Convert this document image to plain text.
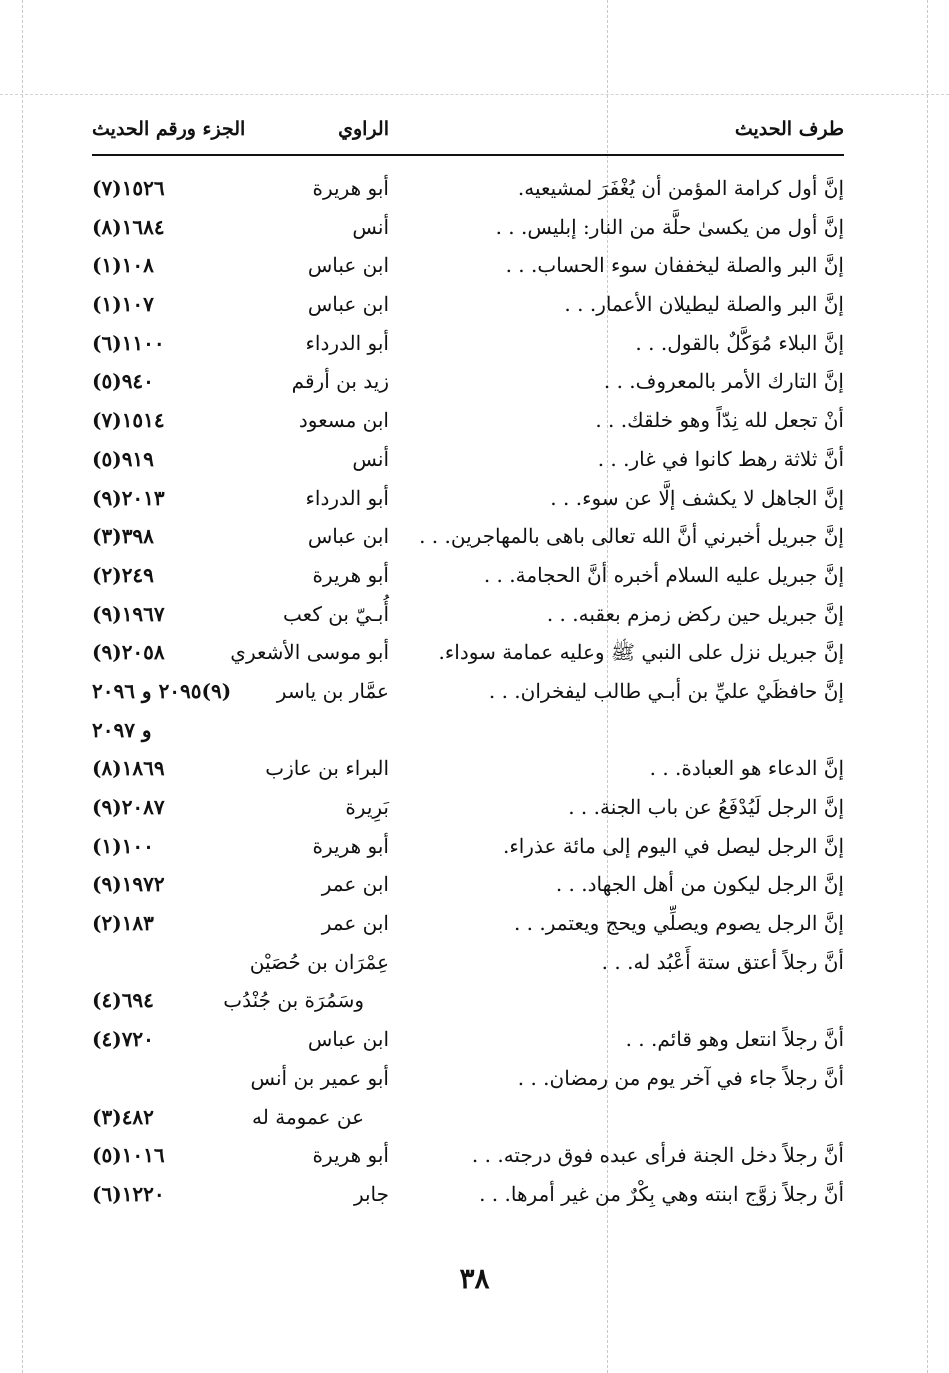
طرف الحديث
الراوي
الجزء ورقم الحديث
إنَّ أول كرامة المؤمن أن يُغْفَرَ لمشيعيه.
أبو هريرة
١٥٢٦(٧)
إنَّ أول من يكسىٰ حلَّة من النار: إبليس. . .
أنس
١٦٨٤(٨)
إنَّ البر والصلة ليخففان سوء الحساب. . .
ابن عباس
١٠٨(١)
إنَّ البر والصلة ليطيلان الأعمار. . .
ابن عباس
١٠٧(١)
إنَّ البلاء مُوَكَّلٌ بالقول. . .
أبو الدرداء
١١٠٠(٦)
إنَّ التارك الأمر بالمعروف. . .
زيد بن أرقم
٩٤٠(٥)
أنْ تجعل لله نِدّاً وهو خلقك. . .
ابن مسعود
١٥١٤(٧)
أنَّ ثلاثة رهط كانوا في غار. . .
أنس
٩١٩(٥)
إنَّ الجاهل لا يكشف إلَّا عن سوء. . .
أبو الدرداء
٢٠١٣(٩)
إنَّ جبريل أخبرني أنَّ الله تعالى باهى بالمهاجرين. . .
ابن عباس
٣٩٨(٣)
إنَّ جبريل عليه السلام أخبره أنَّ الحجامة. . .
أبو هريرة
٢٤٩(٢)
إنَّ جبريل حين ركض زمزم بعقبه. . .
أُبـيّ بن كعب
١٩٦٧(٩)
إنَّ جبريل نزل على النبي ﷺ وعليه عمامة سوداء.
أبو موسى الأشعري
٢٠٥٨(٩)
إنَّ حافظَيْ عليِّ بن أبـي طالب ليفخران. . .
عمَّار بن ياسر
(٩)٢٠٩٥ و ٢٠٩٦
و ٢٠٩٧
إنَّ الدعاء هو العبادة. . .
البراء بن عازب
١٨٦٩(٨)
إنَّ الرجل لَيُدْفَعُ عن باب الجنة. . .
بَرِيرة
٢٠٨٧(٩)
إنَّ الرجل ليصل في اليوم إلى مائة عذراء.
أبو هريرة
١٠٠(١)
إنَّ الرجل ليكون من أهل الجهاد. . .
ابن عمر
١٩٧٢(٩)
إنَّ الرجل يصوم ويصلِّي ويحج ويعتمر. . .
ابن عمر
١٨٣(٢)
أنَّ رجلاً أعتق ستة أَعْبُد له. . .
عِمْرَان بن حُصَيْن
وسَمُرَة بن جُنْدُب
٦٩٤(٤)
أنَّ رجلاً انتعل وهو قائم. . .
ابن عباس
٧٢٠(٤)
أنَّ رجلاً جاء في آخر يوم من رمضان. . .
أبو عمير بن أنس
عن عمومة له
٤٨٢(٣)
أنَّ رجلاً دخل الجنة فرأى عبده فوق درجته. . .
أبو هريرة
١٠١٦(٥)
أنَّ رجلاً زوَّج ابنته وهي بِكْرٌ من غير أمرها. . .
جابر
١٢٢٠(٦)
٣٨
